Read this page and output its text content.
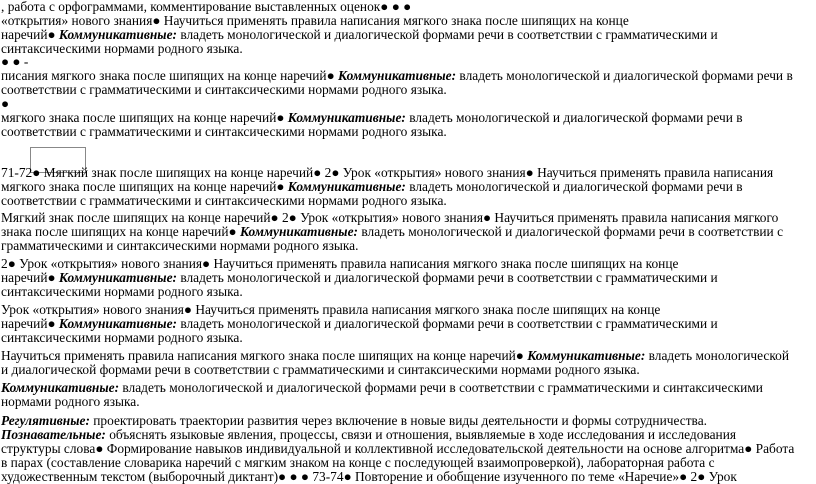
, работа с орфограммами, комментирование выставленных оценок● ● ●

«открытия» нового знания● Научиться применять правила написания мягкого знака после шипящих на конце

наречий● Коммуникативные: владеть монологической и диалогической формами речи в соответствии с грамматическими и

синтаксическими нормами родного языка.

● ● -

писания мягкого знака после шипящих на конце наречий● Коммуникативные: владеть монологической и диалогической формами речи в

соответствии с грамматическими и синтаксическими нормами родного языка.

●

мягкого знака после шипящих на конце наречий● Коммуникативные: владеть монологической и диалогической формами речи в

соответствии с грамматическими и синтаксическими нормами родного языка.

71-72● Мягкий знак после шипящих на конце наречий● 2● Урок «открытия» нового знания● Научиться применять правила написания

мягкого знака после шипящих на конце наречий● Коммуникативные: владеть монологической и диалогической формами речи в

соответствии с грамматическими и синтаксическими нормами родного языка.

Мягкий знак после шипящих на конце наречий● 2● Урок «открытия» нового знания● Научиться применять правила написания мягкого

знака после шипящих на конце наречий● Коммуникативные: владеть монологической и диалогической формами речи в соответствии с

грамматическими и синтаксическими нормами родного языка.

2● Урок «открытия» нового знания● Научиться применять правила написания мягкого знака после шипящих на конце

наречий● Коммуникативные: владеть монологической и диалогической формами речи в соответствии с грамматическими и

синтаксическими нормами родного языка.

Урок «открытия» нового знания● Научиться применять правила написания мягкого знака после шипящих на конце

наречий● Коммуникативные: владеть монологической и диалогической формами речи в соответствии с грамматическими и

синтаксическими нормами родного языка.

Научиться применять правила написания мягкого знака после шипящих на конце наречий● Коммуникативные: владеть монологической

и диалогической формами речи в соответствии с грамматическими и синтаксическими нормами родного языка.

Коммуникативные: владеть монологической и диалогической формами речи в соответствии с грамматическими и синтаксическими

нормами родного языка.

Регулятивные: проектировать траектории развития через включение в новые виды деятельности и формы сотрудничества.

Познавательные: объяснять языковые явления, процессы, связи и отношения, выявляемые в ходе исследования и исследования

структуры слова● Формирование навыков индивидуальной и коллективной исследовательской деятельности на основе алгоритма● Работа

в парах (составление словарика наречий с мягким знаком на конце с последующей взаимопроверкой), лабораторная работа с

художественным текстом (выборочный диктант)● ● ● 73-74● Повторение и обобщение изученного по теме «Наречие»● 2● Урок
